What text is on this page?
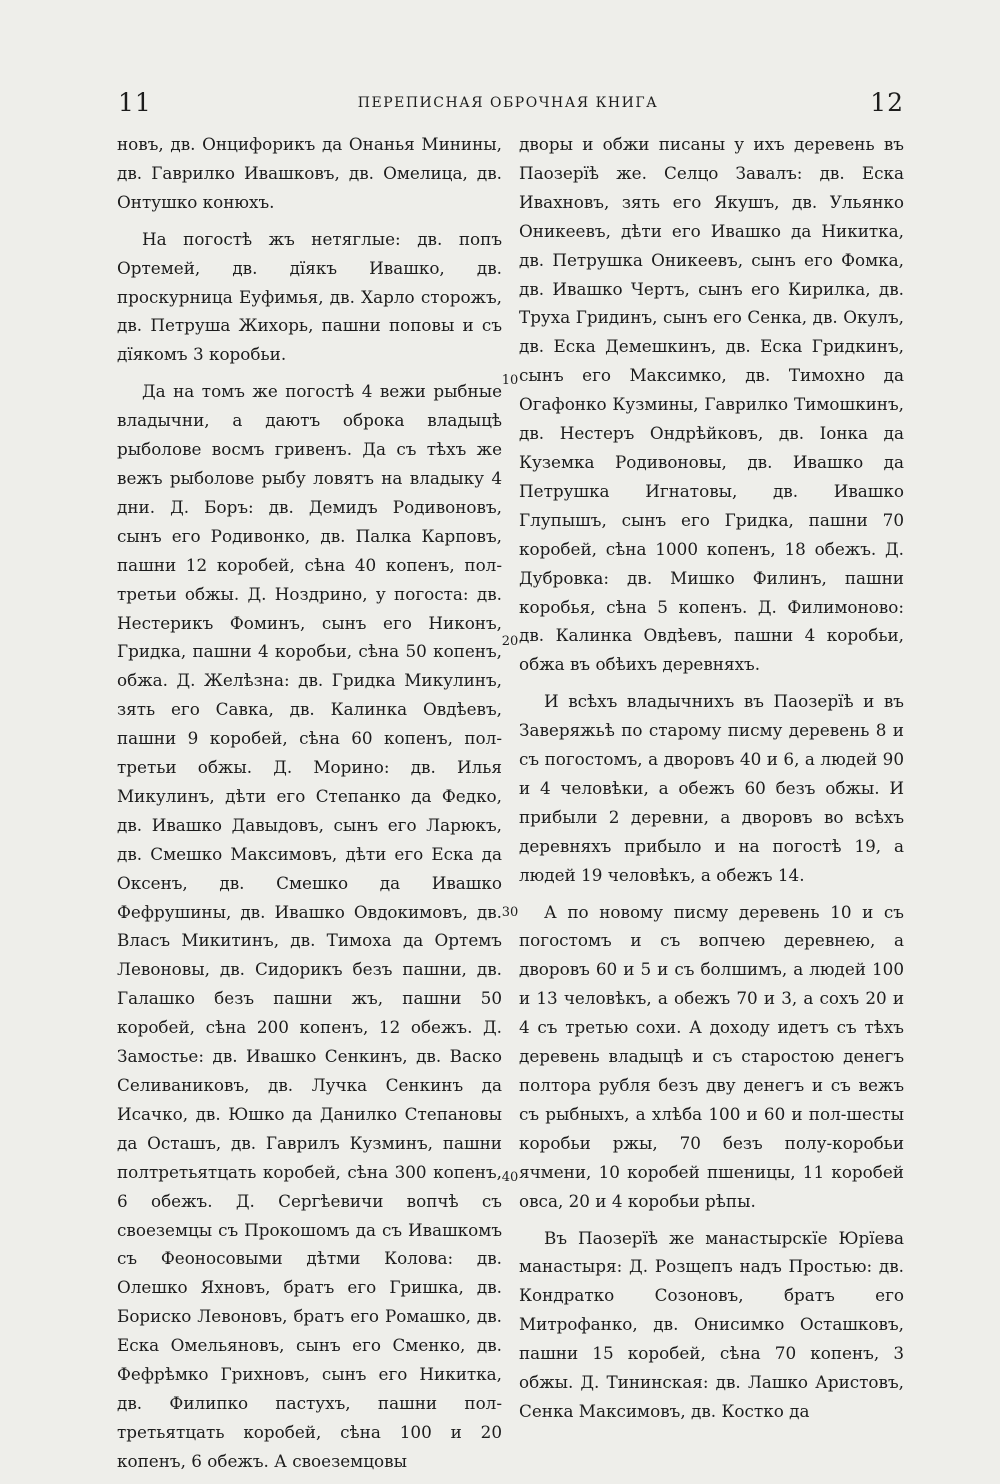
11	ПЕРЕПИСНАЯ ОБРОЧНАЯ КНИГА	12

новъ, дв. Онцифорикъ да Онанья Минины, дв. Гаврилко Ивашковъ, дв. Омелица, дв. Онтушко конюхъ.

На погостѣ жъ нетяглые: дв. попъ Ортемей, дв. дїякъ Ивашко, дв. проскурница Еуфимья, дв. Харло сторожъ, дв. Петруша Жихорь, пашни поповы и съ дїякомъ 3 коробьи.

Да на томъ же погостѣ 4 вежи рыбные владычни, а даютъ оброка владыцѣ рыболове восмъ гривенъ. Да съ тѣхъ же вежъ рыболове рыбу ловятъ на владыку 4 дни. Д. Боръ: дв. Демидъ Родивоновъ, сынъ его Родивонко, дв. Палка Карповъ, пашни 12 коробей, сѣна 40 копенъ, пол-третьи обжы. Д. Ноздрино, у погоста: дв. Нестерикъ Фоминъ, сынъ его Никонъ, Гридка, пашни 4 коробьи, сѣна 50 копенъ, обжа. Д. Желѣзна: дв. Гридка Микулинъ, зять его Савка, дв. Калинка Овдѣевъ, пашни 9 коробей, сѣна 60 копенъ, пол-третьи обжы. Д. Морино: дв. Илья Микулинъ, дѣти его Степанко да Федко, дв. Ивашко Давыдовъ, сынъ его Ларюкъ, дв. Смешко Максимовъ, дѣти его Еска да Оксенъ, дв. Смешко да Ивашко Фефрушины, дв. Ивашко Овдокимовъ, дв. Власъ Микитинъ, дв. Тимоха да Ортемъ Левоновы, дв. Сидорикъ безъ пашни, дв. Галашко безъ пашни жъ, пашни 50 коробей, сѣна 200 копенъ, 12 обежъ. Д. Замостье: дв. Ивашко Сенкинъ, дв. Васко Селиваниковъ, дв. Лучка Сенкинъ да Исачко, дв. Юшко да Данилко Степановы да Осташъ, дв. Гаврилъ Кузминъ, пашни полтретьятцать коробей, сѣна 300 копенъ, 6 обежъ. Д. Сергѣевичи вопчѣ съ своеземцы съ Прокошомъ да съ Ивашкомъ съ Феоносовыми дѣтми Колова: дв. Олешко Яхновъ, братъ его Гришка, дв. Бориско Левоновъ, братъ его Ромашко, дв. Еска Омельяновъ, сынъ его Сменко, дв. Фефрѣмко Грихновъ, сынъ его Никитка, дв. Филипко пастухъ, пашни пол-третьятцать коробей, сѣна 100 и 20 копенъ, 6 обежъ. А своеземцовы

10
20
30
40

дворы и обжи писаны у ихъ деревень въ Паозерїѣ же. Селцо Завалъ: дв. Еска Ивахновъ, зять его Якушъ, дв. Ульянко Оникеевъ, дѣти его Ивашко да Никитка, дв. Петрушка Оникеевъ, сынъ его Фомка, дв. Ивашко Чертъ, сынъ его Кирилка, дв. Труха Гридинъ, сынъ его Сенка, дв. Окулъ, дв. Еска Демешкинъ, дв. Еска Гридкинъ, сынъ его Максимко, дв. Тимохно да Огафонко Кузмины, Гаврилко Тимошкинъ, дв. Нестеръ Ондрѣйковъ, дв. Іонка да Куземка Родивоновы, дв. Ивашко да Петрушка Игнатовы, дв. Ивашко Глупышъ, сынъ его Гридка, пашни 70 коробей, сѣна 1000 копенъ, 18 обежъ. Д. Дубровка: дв. Мишко Филинъ, пашни коробья, сѣна 5 копенъ. Д. Филимоново: дв. Калинка Овдѣевъ, пашни 4 коробьи, обжа въ обѣихъ деревняхъ.

И всѣхъ владычнихъ въ Паозерїѣ и въ Заверяжьѣ по старому писму деревень 8 и съ погостомъ, а дворовъ 40 и 6, а людей 90 и 4 человѣки, а обежъ 60 безъ обжы. И прибыли 2 деревни, а дворовъ во всѣхъ деревняхъ прибыло и на погостѣ 19, а людей 19 человѣкъ, а обежъ 14.

А по новому писму деревень 10 и съ погостомъ и съ вопчею деревнею, а дворовъ 60 и 5 и съ болшимъ, а людей 100 и 13 человѣкъ, а обежъ 70 и 3, а сохъ 20 и 4 съ третью сохи. А доходу идетъ съ тѣхъ деревень владыцѣ и съ старостою денегъ полтора рубля безъ дву денегъ и съ вежъ съ рыбныхъ, а хлѣба 100 и 60 и пол-шесты коробьи ржы, 70 безъ полу-коробьи ячмени, 10 коробей пшеницы, 11 коробей овса, 20 и 4 коробьи рѣпы.

Въ Паозерїѣ же манастырскїе Юрїева манастыря: Д. Розщепъ надъ Простью: дв. Кондратко Созоновъ, братъ его Митрофанко, дв. Онисимко Осташковъ, пашни 15 коробей, сѣна 70 копенъ, 3 обжы. Д. Тининская: дв. Лашко Аристовъ, Сенка Максимовъ, дв. Костко да
